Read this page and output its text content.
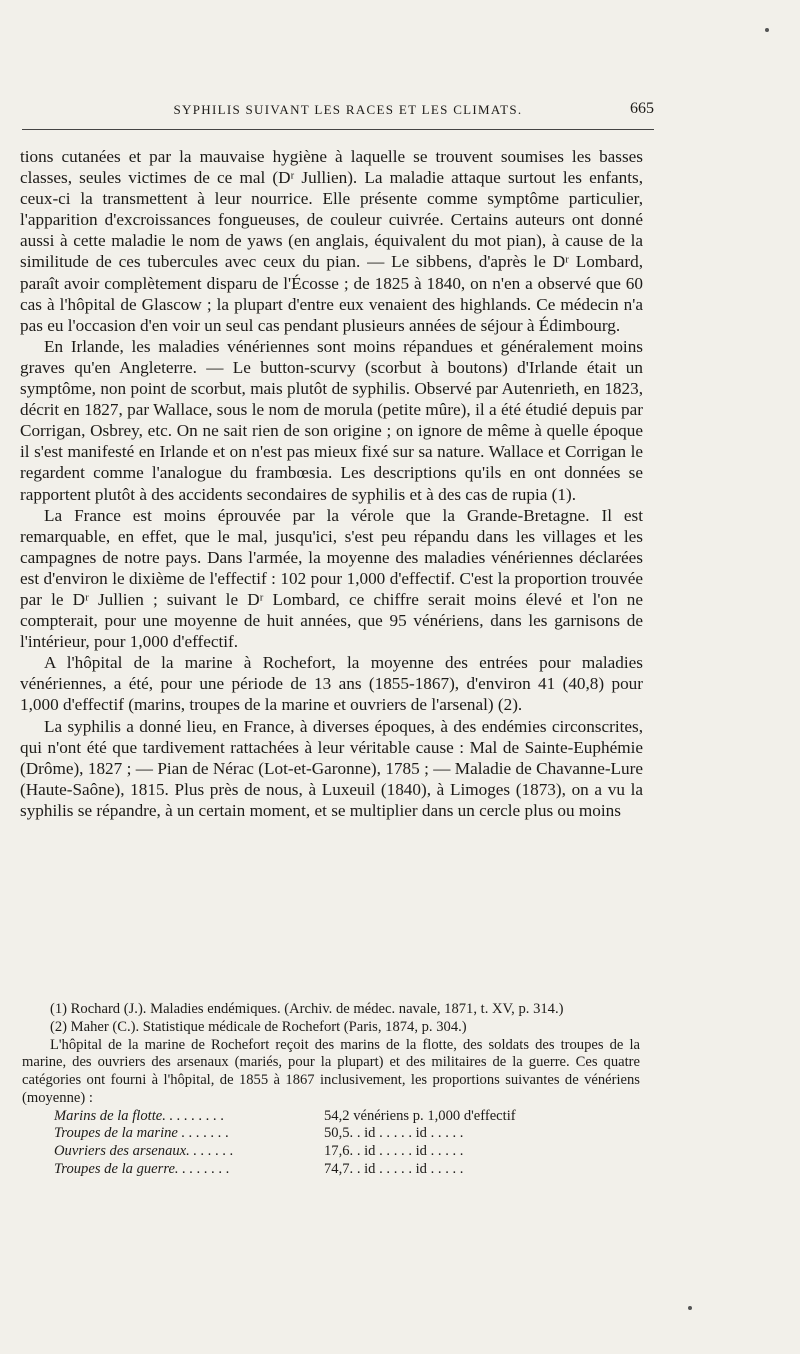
SYPHILIS SUIVANT LES RACES ET LES CLIMATS.	665

tions cutanées et par la mauvaise hygiène à laquelle se trouvent soumises les basses classes, seules victimes de ce mal (Dʳ Jullien). La maladie attaque surtout les enfants, ceux-ci la transmettent à leur nourrice. Elle présente comme symptôme particulier, l'apparition d'excroissances fongueuses, de couleur cuivrée. Certains auteurs ont donné aussi à cette maladie le nom de yaws (en anglais, équivalent du mot pian), à cause de la similitude de ces tubercules avec ceux du pian. — Le sibbens, d'après le Dʳ Lombard, paraît avoir complètement disparu de l'Écosse ; de 1825 à 1840, on n'en a observé que 60 cas à l'hôpital de Glascow ; la plupart d'entre eux venaient des highlands. Ce médecin n'a pas eu l'occasion d'en voir un seul cas pendant plusieurs années de séjour à Édimbourg.

En Irlande, les maladies vénériennes sont moins répandues et généralement moins graves qu'en Angleterre. — Le button-scurvy (scorbut à boutons) d'Irlande était un symptôme, non point de scorbut, mais plutôt de syphilis. Observé par Autenrieth, en 1823, décrit en 1827, par Wallace, sous le nom de morula (petite mûre), il a été étudié depuis par Corrigan, Osbrey, etc. On ne sait rien de son origine ; on ignore de même à quelle époque il s'est manifesté en Irlande et on n'est pas mieux fixé sur sa nature. Wallace et Corrigan le regardent comme l'analogue du frambœsia. Les descriptions qu'ils en ont données se rapportent plutôt à des accidents secondaires de syphilis et à des cas de rupia (1).

La France est moins éprouvée par la vérole que la Grande-Bretagne. Il est remarquable, en effet, que le mal, jusqu'ici, s'est peu répandu dans les villages et les campagnes de notre pays. Dans l'armée, la moyenne des maladies vénériennes déclarées est d'environ le dixième de l'effectif : 102 pour 1,000 d'effectif. C'est la proportion trouvée par le Dʳ Jullien ; suivant le Dʳ Lombard, ce chiffre serait moins élevé et l'on ne compterait, pour une moyenne de huit années, que 95 vénériens, dans les garnisons de l'intérieur, pour 1,000 d'effectif.

A l'hôpital de la marine à Rochefort, la moyenne des entrées pour maladies vénériennes, a été, pour une période de 13 ans (1855-1867), d'environ 41 (40,8) pour 1,000 d'effectif (marins, troupes de la marine et ouvriers de l'arsenal) (2).

La syphilis a donné lieu, en France, à diverses époques, à des endémies circonscrites, qui n'ont été que tardivement rattachées à leur véritable cause : Mal de Sainte-Euphémie (Drôme), 1827 ; — Pian de Nérac (Lot-et-Garonne), 1785 ; — Maladie de Chavanne-Lure (Haute-Saône), 1815. Plus près de nous, à Luxeuil (1840), à Limoges (1873), on a vu la syphilis se répandre, à un certain moment, et se multiplier dans un cercle plus ou moins

(1) Rochard (J.). Maladies endémiques. (Archiv. de médec. navale, 1871, t. XV, p. 314.)

(2) Maher (C.). Statistique médicale de Rochefort (Paris, 1874, p. 304.)

L'hôpital de la marine de Rochefort reçoit des marins de la flotte, des soldats des troupes de la marine, des ouvriers des arsenaux (mariés, pour la plupart) et des militaires de la guerre. Ces quatre catégories ont fourni à l'hôpital, de 1855 à 1867 inclusivement, les proportions suivantes de vénériens (moyenne) :

Marins de la flotte. . . . . . . . .	54,2 vénériens p. 1,000 d'effectif
Troupes de la marine . . . . . . .	50,5. . id . . . . . id . . . . .
Ouvriers des arsenaux. . . . . . .	17,6. . id . . . . . id . . . . .
Troupes de la guerre. . . . . . . .	74,7. . id . . . . . id . . . . .
